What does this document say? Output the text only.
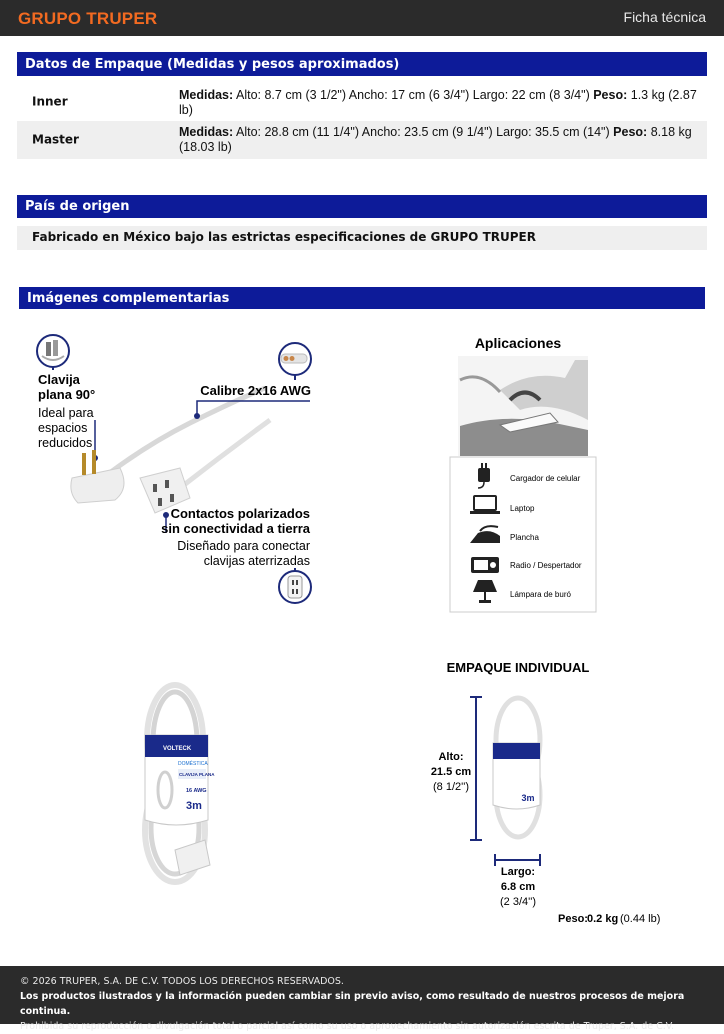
GRUPO TRUPER	Ficha técnica
Datos de Empaque (Medidas y pesos aproximados)
Inner	Medidas: Alto: 8.7 cm (3 1/2") Ancho: 17 cm (6 3/4") Largo: 22 cm (8 3/4") Peso: 1.3 kg (2.87 lb)
Master
Medidas: Alto: 28.8 cm (11 1/4") Ancho: 23.5 cm (9 1/4") Largo: 35.5 cm (14") Peso: 8.18 kg (18.03 lb)
País de origen
Fabricado en México bajo las estrictas especificaciones de GRUPO TRUPER
Imágenes complementarias
Clavija
plana 90°
Ideal para
espacios
reducidos
Calibre 2x16 AWG
Contactos polarizados
sin conectividad a tierra
Diseñado para conectar
clavijas aterrizadas
Aplicaciones
Cargador de celular
Laptop
Plancha
Radio / Despertador
Lámpara de buró
VOLTECK
DOMÉSTICA
CLAVIJA PLANA
16 AWG
3m
EMPAQUE INDIVIDUAL
Alto:
21.5 cm
(8 1/2'')
3m
Largo:
6.8 cm
(2 3/4'')
Peso: 0.2 kg (0.44 lb)
© 2026 TRUPER, S.A. DE C.V. TODOS LOS DERECHOS RESERVADOS.
Los productos ilustrados y la información pueden cambiar sin previo aviso, como resultado de nuestros procesos de mejora continua.
Prohibida su reproducción o divulgación total o parcial así como su uso o aprovechamiento sin autorización escrita de Truper, S.A. de C.V.
